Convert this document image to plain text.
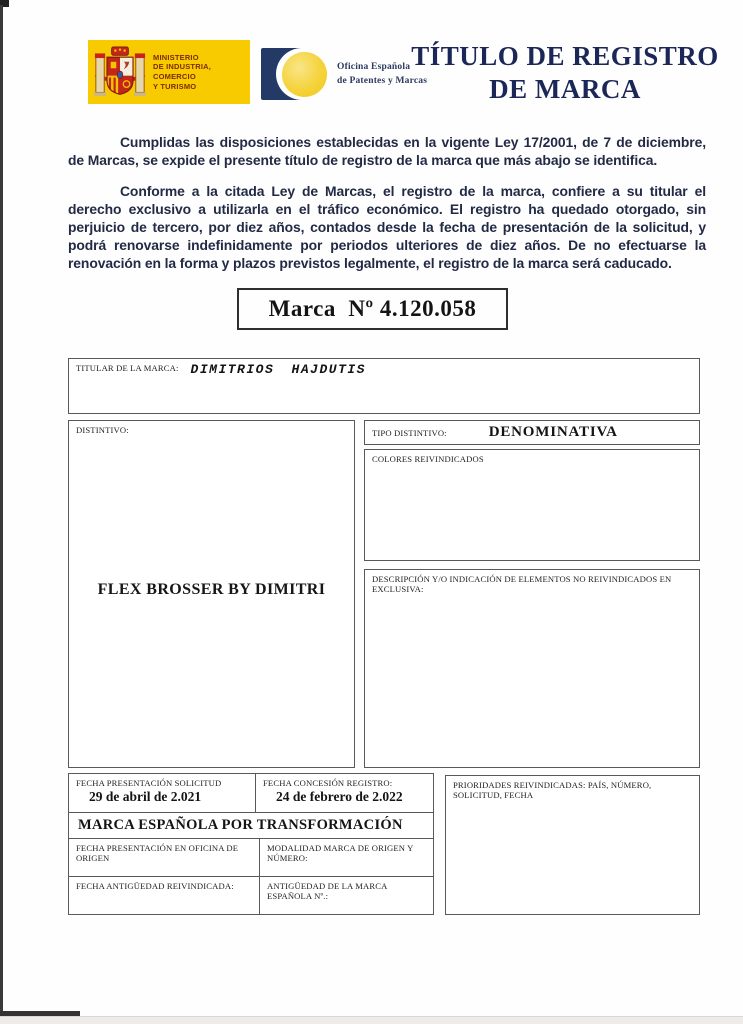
MINISTERIO
DE INDUSTRIA, COMERCIO
Y TURISMO
Oficina Española
de Patentes y Marcas
TÍTULO DE REGISTRO
DE MARCA

Cumplidas las disposiciones establecidas en la vigente Ley 17/2001, de 7 de diciembre, de Marcas, se expide el presente título de registro de la marca que más abajo se identifica.

Conforme a la citada Ley de Marcas, el registro de la marca, confiere a su titular el derecho exclusivo a utilizarla en el tráfico económico. El registro ha quedado otorgado, sin perjuicio de tercero, por diez años, contados desde la fecha de presentación de la solicitud, y podrá renovarse indefinidamente por periodos ulteriores de diez años. De no efectuarse la renovación en la forma y plazos previstos legalmente, el registro de la marca será caducado.

Marca  Nº 4.120.058
TITULAR DE LA MARCA: DIMITRIOS HAJDUTIS
DISTINTIVO:
FLEX BROSSER BY DIMITRI
TIPO DISTINTIVO:	DENOMINATIVA
COLORES REIVINDICADOS
DESCRIPCIÓN Y/O INDICACIÓN DE ELEMENTOS NO REIVINDICADOS EN EXCLUSIVA:
FECHA PRESENTACIÓN SOLICITUD
29 de abril de 2.021
FECHA CONCESIÓN REGISTRO:
24 de febrero de 2.022
MARCA ESPAÑOLA POR TRANSFORMACIÓN
FECHA PRESENTACIÓN EN OFICINA DE ORIGEN
MODALIDAD MARCA DE ORIGEN Y NÚMERO:
FECHA ANTIGÜEDAD REIVINDICADA:	ANTIGÜEDAD DE LA MARCA ESPAÑOLA Nº.:
PRIORIDADES REIVINDICADAS: PAÍS, NÚMERO, SOLICITUD, FECHA
